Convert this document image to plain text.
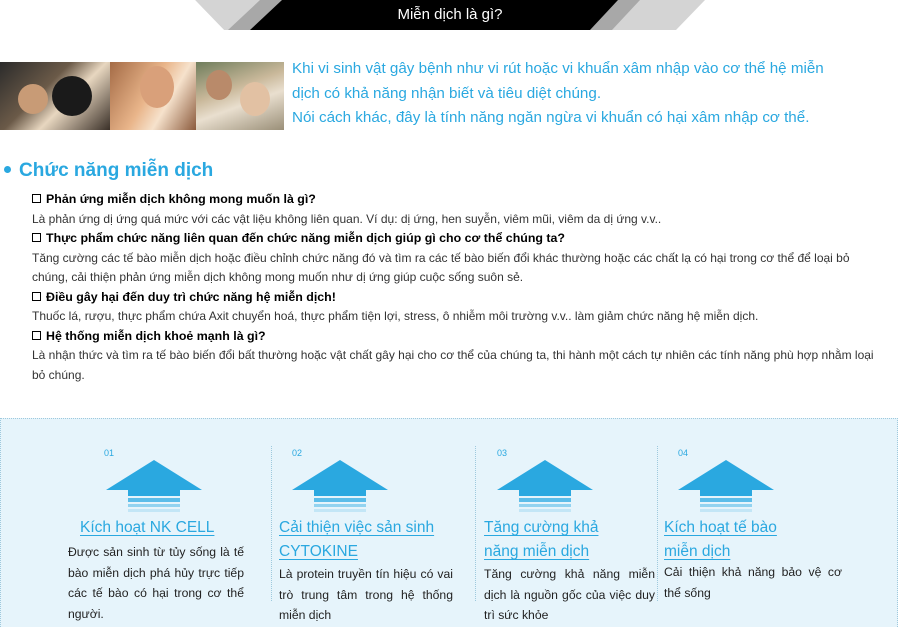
Miễn dịch là gì?
Khi vi sinh vật gây bệnh như vi rút hoặc vi khuẩn xâm nhập vào cơ thể hệ miễn
dịch có khả năng nhận biết và tiêu diệt chúng.
Nói cách khác, đây là tính năng ngăn ngừa vi khuẩn có hại xâm nhập cơ thể.
Chức năng miễn dịch
Phản ứng miễn dịch không mong muốn là gì?
Là phản ứng dị ứng quá mức với các vật liệu không liên quan. Ví dụ: dị ứng, hen suyễn, viêm mũi, viêm da dị ứng v.v..
Thực phẩm chức năng liên quan đến chức năng miễn dịch giúp gì cho cơ thể chúng ta?
Tăng cường các tế bào miễn dịch hoặc điều chỉnh chức năng đó và tìm ra các tế bào biến đổi khác thường hoặc các chất lạ có hại trong cơ thể để loại bỏ chúng, cải thiện phản ứng miễn dịch không mong muốn như dị ứng giúp cuộc sống suôn sẻ.
Điều gây hại đến duy trì chức năng hệ miễn dịch!
Thuốc lá, rượu, thực phẩm chứa Axit chuyển hoá, thực phẩm tiện lợi, stress, ô nhiễm môi trường v.v.. làm giảm chức năng hệ miễn dịch.
Hệ thống miễn dịch khoẻ mạnh là gì?
Là nhận thức và tìm ra tế bào biến đổi bất thường hoặc vật chất gây hại cho cơ thể của chúng ta, thi hành một cách tự nhiên các tính năng phù hợp nhằm loại bỏ chúng.
01
Kích hoạt NK CELL
Được sản sinh từ tủy sống là tế bào miễn dịch phá hủy trực tiếp các tế bào có hại trong cơ thể người.
02
Cải thiện việc sản sinh
CYTOKINE
Là protein truyền tín hiệu có vai trò trung tâm trong hệ thống miễn dịch
03
Tăng cường khả
năng miễn dịch
Tăng cường khả năng miễn dịch là nguồn gốc của việc duy trì sức khỏe
04
Kích hoạt tế bào
miễn dịch
Cải thiện khả năng bảo vệ cơ thể sống
